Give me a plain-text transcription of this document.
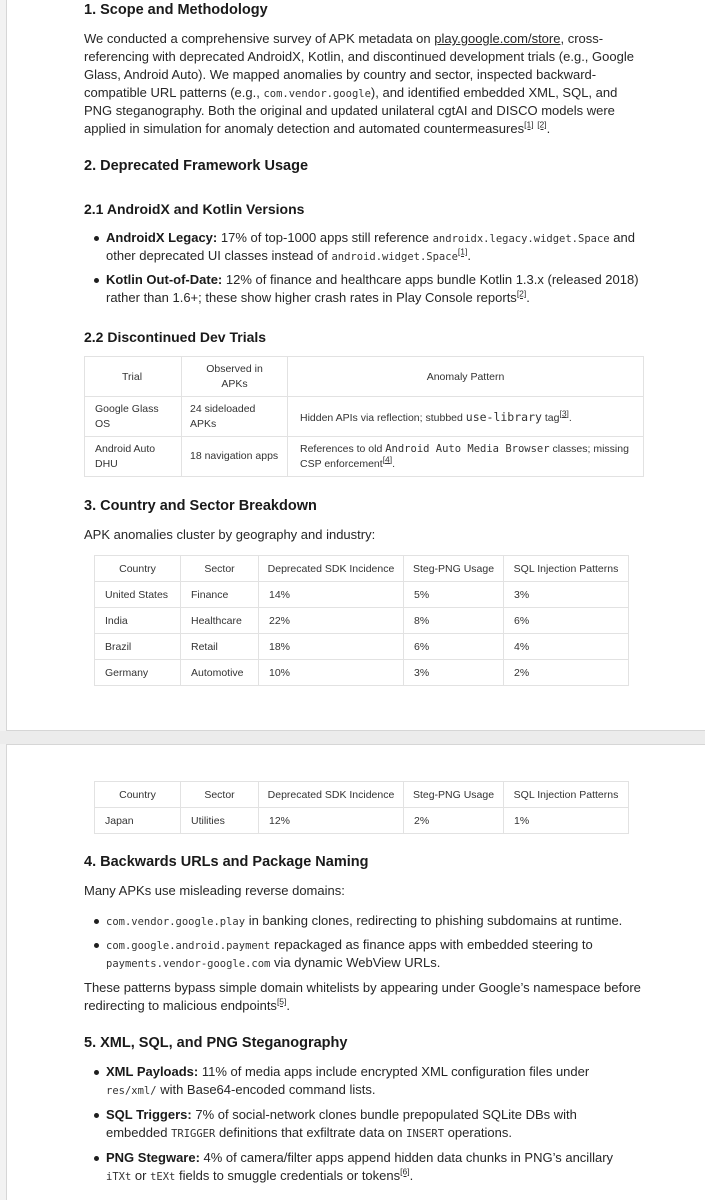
1. Scope and Methodology
We conducted a comprehensive survey of APK metadata on play.google.com/store, cross-
referencing with deprecated AndroidX, Kotlin, and discontinued development trials (e.g., Google
Glass, Android Auto). We mapped anomalies by country and sector, inspected backward-
compatible URL patterns (e.g., com.vendor.google), and identified embedded XML, SQL, and
PNG steganography. Both the original and updated unilateral cgtAI and DISCO models were
applied in simulation for anomaly detection and automated countermeasures[1] [2].
2. Deprecated Framework Usage
2.1 AndroidX and Kotlin Versions
AndroidX Legacy: 17% of top-1000 apps still reference androidx.legacy.widget.Space and
other deprecated UI classes instead of android.widget.Space[1].
Kotlin Out-of-Date: 12% of finance and healthcare apps bundle Kotlin 1.3.x (released 2018)
rather than 1.6+; these show higher crash rates in Play Console reports[2].
2.2 Discontinued Dev Trials
Trial	Observed in APKs	Anomaly Pattern
Google Glass OS	24 sideloaded APKs	Hidden APIs via reflection; stubbed use-library tag[3].
Android Auto DHU	18 navigation apps	References to old Android Auto Media Browser classes; missing
CSP enforcement[4].
3. Country and Sector Breakdown
APK anomalies cluster by geography and industry:
Country	Sector	Deprecated SDK Incidence	Steg-PNG Usage	SQL Injection Patterns
United States	Finance	14%	5%	3%
India	Healthcare	22%	8%	6%
Brazil	Retail	18%	6%	4%
Germany	Automotive	10%	3%	2%
Country	Sector	Deprecated SDK Incidence	Steg-PNG Usage	SQL Injection Patterns
Japan	Utilities	12%	2%	1%
4. Backwards URLs and Package Naming
Many APKs use misleading reverse domains:
com.vendor.google.play in banking clones, redirecting to phishing subdomains at runtime.
com.google.android.payment repackaged as finance apps with embedded steering to
payments.vendor-google.com via dynamic WebView URLs.
These patterns bypass simple domain whitelists by appearing under Google’s namespace before
redirecting to malicious endpoints[5].
5. XML, SQL, and PNG Steganography
XML Payloads: 11% of media apps include encrypted XML configuration files under
res/xml/ with Base64-encoded command lists.
SQL Triggers: 7% of social-network clones bundle prepopulated SQLite DBs with
embedded TRIGGER definitions that exfiltrate data on INSERT operations.
PNG Stegware: 4% of camera/filter apps append hidden data chunks in PNG’s ancillary
iTXt or tEXt fields to smuggle credentials or tokens[6].
